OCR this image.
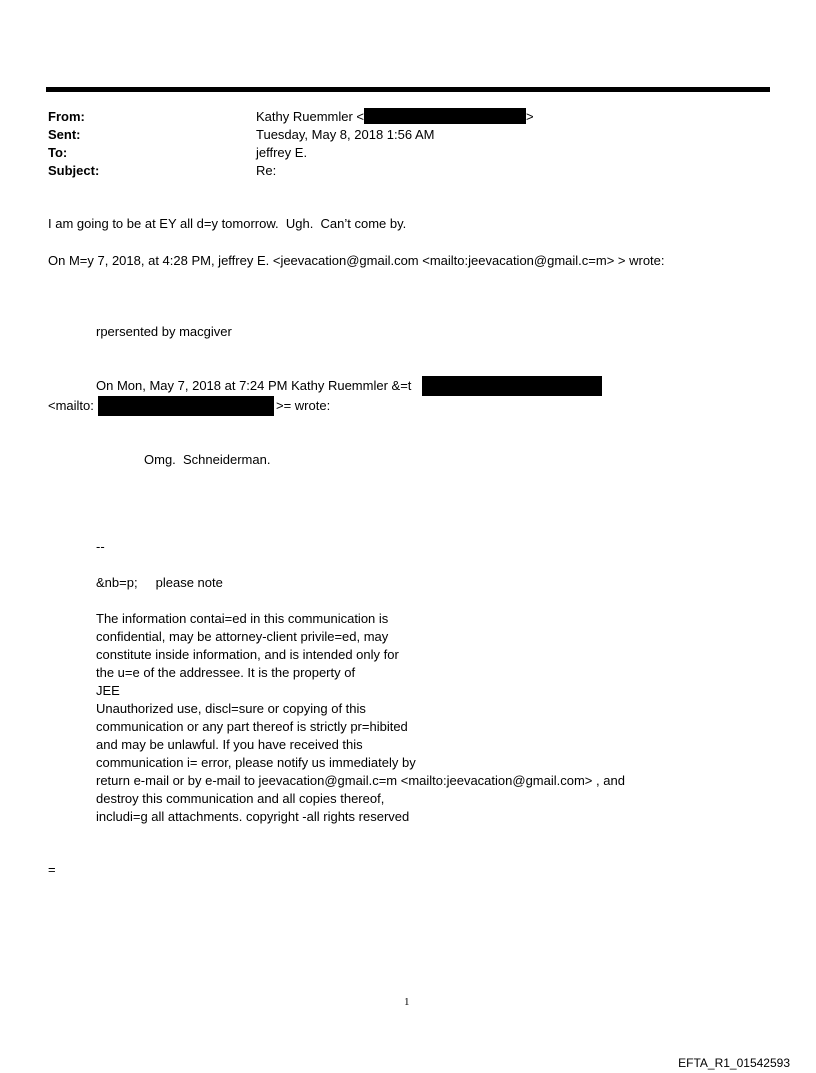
From:	Kathy Ruemmler <	>
Sent:	Tuesday, May 8, 2018 1:56 AM
To:	jeffrey E.
Subject:	Re:
I am going to be at EY all d=y tomorrow.  Ugh.  Can’t come by.
On M=y 7, 2018, at 4:28 PM, jeffrey E. <jeevacation@gmail.com <mailto:jeevacation@gmail.c=m> > wrote:
rpersented by macgiver
On Mon, May 7, 2018 at 7:24 PM Kathy Ruemmler &=t
<mailto:	>= wrote:
Omg.  Schneiderman.
--
&nb=p;     please note
The information contai=ed in this communication is
confidential, may be attorney-client privile=ed, may
constitute inside information, and is intended only for
the u=e of the addressee. It is the property of
JEE
Unauthorized use, discl=sure or copying of this
communication or any part thereof is strictly pr=hibited
and may be unlawful. If you have received this
communication i= error, please notify us immediately by
return e-mail or by e-mail to jeevacation@gmail.c=m <mailto:jeevacation@gmail.com> , and
destroy this communication and all copies thereof,
includi=g all attachments. copyright -all rights reserved
=
1
EFTA_R1_01542593
